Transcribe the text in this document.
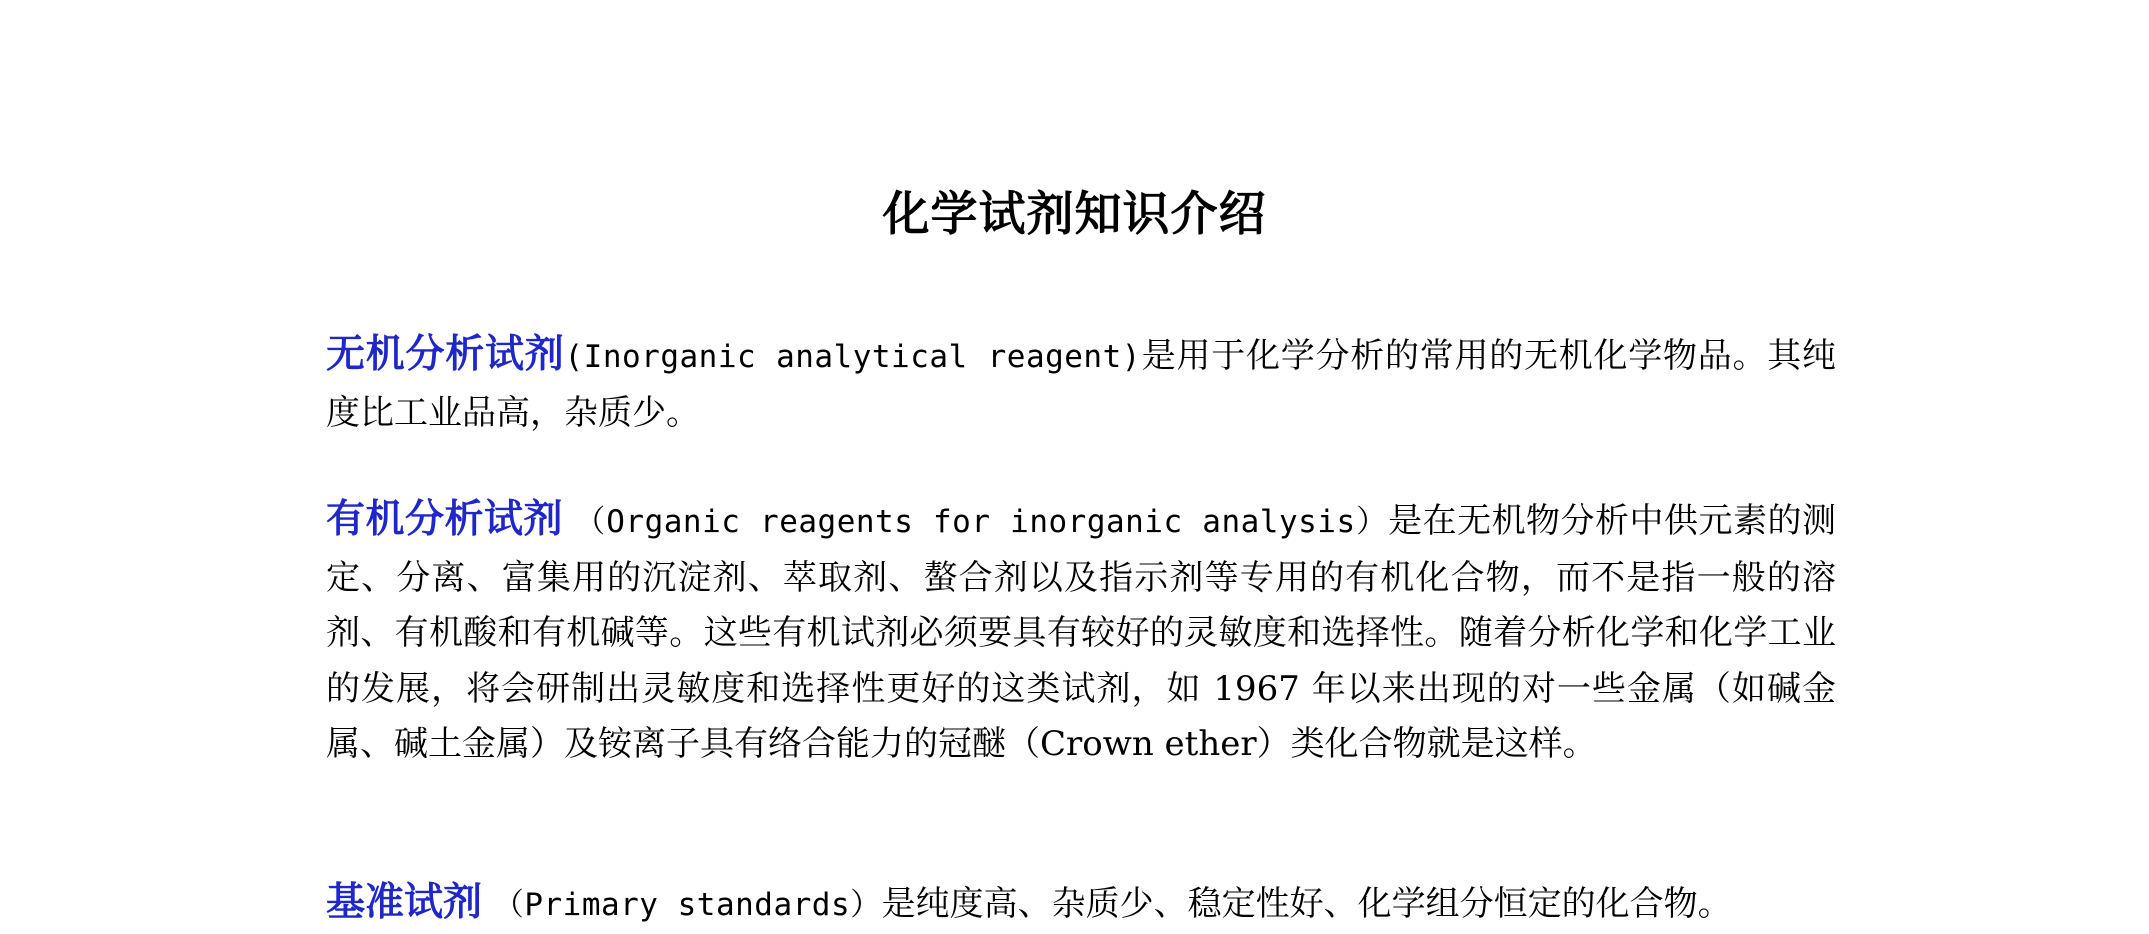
化学试剂知识介绍

无机分析试剂(Inorganic analytical reagent)是用于化学分析的常用的无机化学物品。其纯度比工业品高，杂质少。

有机分析试剂 （Organic reagents for inorganic analysis）是在无机物分析中供元素的测定、分离、富集用的沉淀剂、萃取剂、螯合剂以及指示剂等专用的有机化合物，而不是指一般的溶剂、有机酸和有机碱等。这些有机试剂必须要具有较好的灵敏度和选择性。随着分析化学和化学工业的发展，将会研制出灵敏度和选择性更好的这类试剂，如 1967 年以来出现的对一些金属（如碱金属、碱土金属）及铵离子具有络合能力的冠醚（Crown ether）类化合物就是这样。

基准试剂 （Primary standards）是纯度高、杂质少、稳定性好、化学组分恒定的化合物。
